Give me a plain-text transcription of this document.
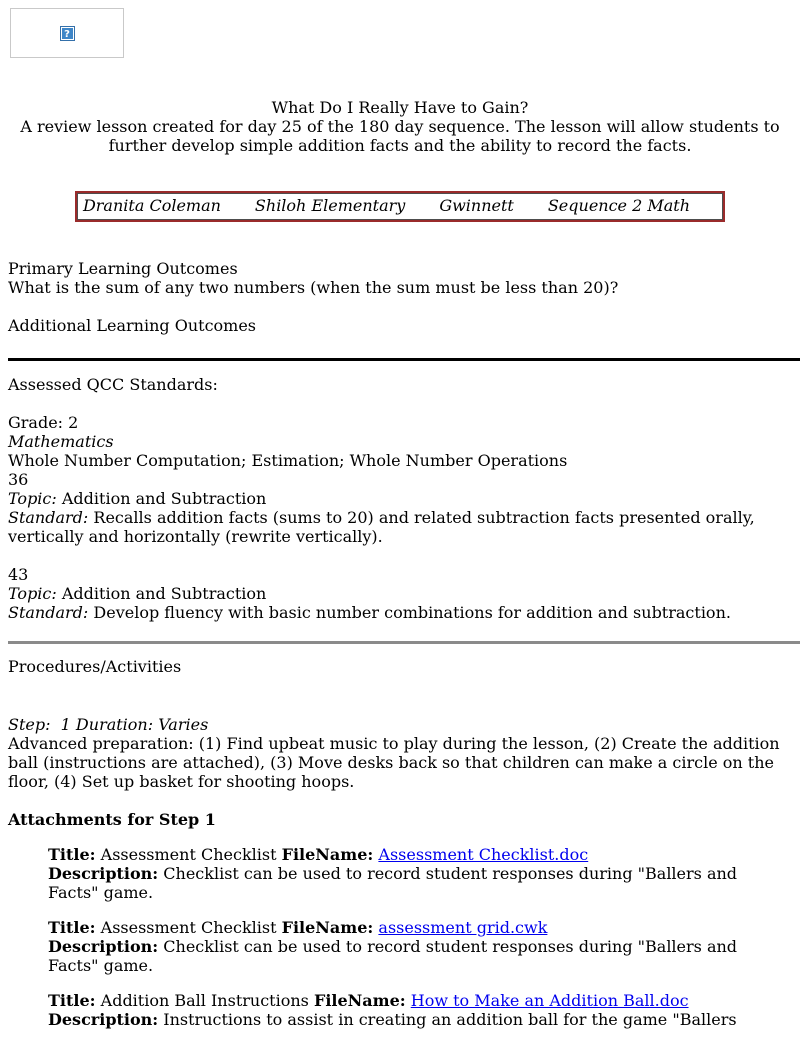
?
What Do I Really Have to Gain?
A review lesson created for day 25 of the 180 day sequence. The lesson will allow students to further develop simple addition facts and the ability to record the facts.
Dranita Coleman Shiloh Elementary Gwinnett Sequence 2 Math
Primary Learning Outcomes
What is the sum of any two numbers (when the sum must be less than 20)?
Additional Learning Outcomes
Assessed QCC Standards:
Grade: 2
Mathematics
Whole Number Computation; Estimation; Whole Number Operations
36
Topic: Addition and Subtraction
Standard: Recalls addition facts (sums to 20) and related subtraction facts presented orally, vertically and horizontally (rewrite vertically).
43
Topic: Addition and Subtraction
Standard: Develop fluency with basic number combinations for addition and subtraction.
Procedures/Activities
Step:  1 Duration: Varies
Advanced preparation: (1) Find upbeat music to play during the lesson, (2) Create the addition ball (instructions are attached), (3) Move desks back so that children can make a circle on the floor, (4) Set up basket for shooting hoops.
Attachments for Step 1
Title: Assessment Checklist FileName: Assessment Checklist.doc
Description: Checklist can be used to record student responses during "Ballers and Facts" game.
Title: Assessment Checklist FileName: assessment grid.cwk
Description: Checklist can be used to record student responses during "Ballers and Facts" game.
Title: Addition Ball Instructions FileName: How to Make an Addition Ball.doc
Description: Instructions to assist in creating an addition ball for the game "Ballers
